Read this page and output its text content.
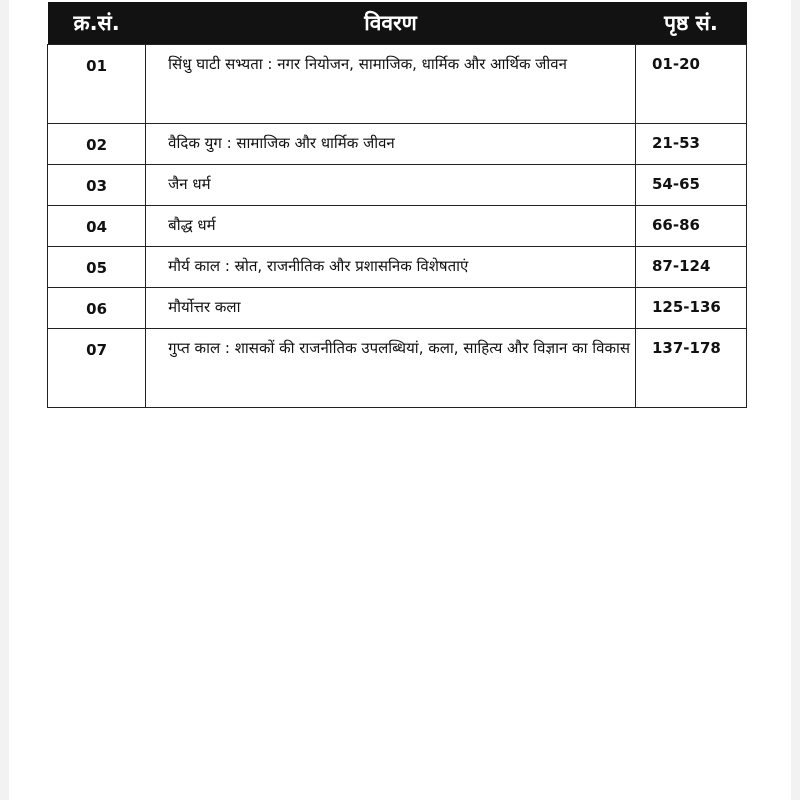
क्र.सं.	विवरण	पृष्ठ सं.
01	सिंधु घाटी सभ्यता : नगर नियोजन, सामाजिक, धार्मिक और आर्थिक जीवन	01-20
02	वैदिक युग : सामाजिक और धार्मिक जीवन	21-53
03	जैन धर्म	54-65
04	बौद्ध धर्म	66-86
05	मौर्य काल : स्रोत, राजनीतिक और प्रशासनिक विशेषताएं	87-124
06	मौर्योत्तर कला	125-136
07	गुप्त काल : शासकों की राजनीतिक उपलब्धियां, कला, साहित्य और विज्ञान का विकास	137-178
